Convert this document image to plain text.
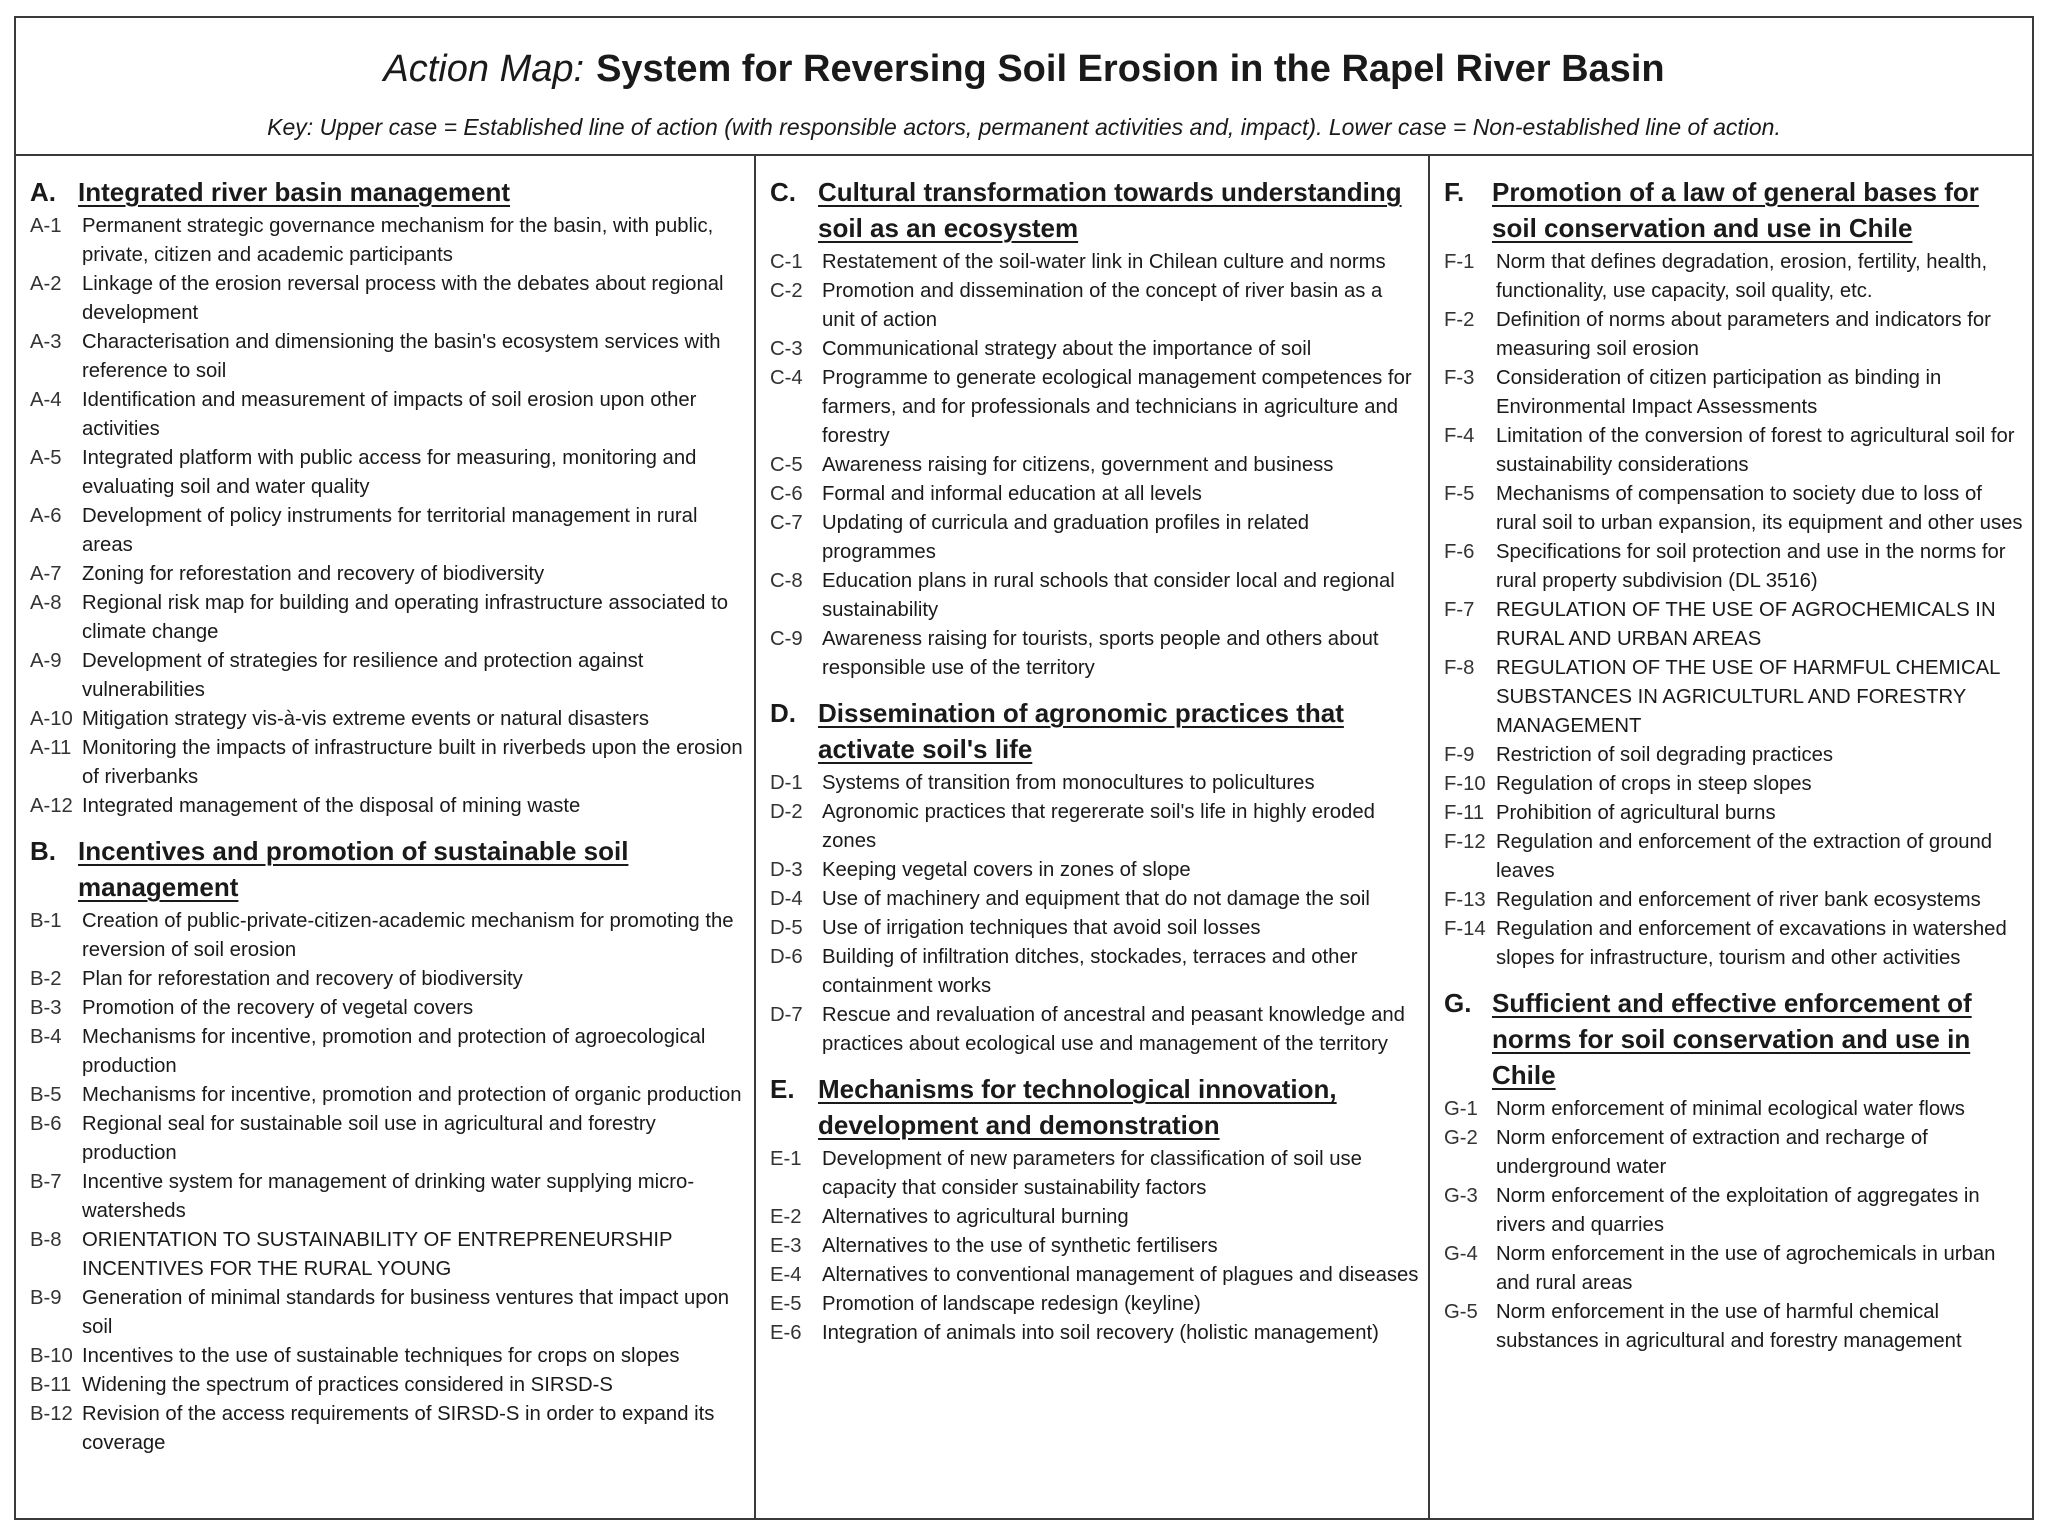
Action Map: System for Reversing Soil Erosion in the Rapel River Basin
Key: Upper case = Established line of action (with responsible actors, permanent activities and, impact). Lower case = Non-established line of action.
A. Integrated river basin management
A-1	Permanent strategic governance mechanism for the basin, with public, private, citizen and academic participants
A-2	Linkage of the erosion reversal process with the debates about regional development
A-3	Characterisation and dimensioning the basin's ecosystem services with reference to soil
A-4	Identification and measurement of impacts of soil erosion upon other activities
A-5	Integrated platform with public access for measuring, monitoring and evaluating soil and water quality
A-6	Development of policy instruments for territorial management in rural areas
A-7	Zoning for reforestation and recovery of biodiversity
A-8	Regional risk map for building and operating infrastructure associated to climate change
A-9	Development of strategies for resilience and protection against vulnerabilities
A-10 Mitigation strategy vis-à-vis extreme events or natural disasters
A-11 Monitoring the impacts of infrastructure built in riverbeds upon the erosion of riverbanks
A-12 Integrated management of the disposal of mining waste
B. Incentives and promotion of sustainable soil management
B-1	Creation of public-private-citizen-academic mechanism for promoting the reversion of soil erosion
B-2	Plan for reforestation and recovery of biodiversity
B-3	Promotion of the recovery of vegetal covers
B-4	Mechanisms for incentive, promotion and protection of agroecological production
B-5	Mechanisms for incentive, promotion and protection of organic production
B-6	Regional seal for sustainable soil use in agricultural and forestry production
B-7	Incentive system for management of drinking water supplying micro-watersheds
B-8	ORIENTATION TO SUSTAINABILITY OF ENTREPRENEURSHIP INCENTIVES FOR THE RURAL YOUNG
B-9	Generation of minimal standards for business ventures that impact upon soil
B-10 Incentives to the use of sustainable techniques for crops on slopes
B-11 Widening the spectrum of practices considered in SIRSD-S
B-12 Revision of the access requirements of SIRSD-S in order to expand its coverage
C. Cultural transformation towards understanding soil as an ecosystem
C-1 Restatement of the soil-water link in Chilean culture and norms
C-2 Promotion and dissemination of the concept of river basin as a unit of action
C-3 Communicational strategy about the importance of soil
C-4 Programme to generate ecological management competences for farmers, and for professionals and technicians in agriculture and forestry
C-5 Awareness raising for citizens, government and business
C-6 Formal and informal education at all levels
C-7 Updating of curricula and graduation profiles in related programmes
C-8 Education plans in rural schools that consider local and regional sustainability
C-9 Awareness raising for tourists, sports people and others about responsible use of the territory
D. Dissemination of agronomic practices that activate soil's life
D-1 Systems of transition from monocultures to policultures
D-2 Agronomic practices that regererate soil's life in highly eroded zones
D-3 Keeping vegetal covers in zones of slope
D-4 Use of machinery and equipment that do not damage the soil
D-5 Use of irrigation techniques that avoid soil losses
D-6 Building of infiltration ditches, stockades, terraces and other containment works
D-7 Rescue and revaluation of ancestral and peasant knowledge and practices about ecological use and management of the territory
E. Mechanisms for technological innovation, development and demonstration
E-1	Development of new parameters for classification of soil use capacity that consider sustainability factors
E-2	Alternatives to agricultural burning
E-3	Alternatives to the use of synthetic fertilisers
E-4	Alternatives to conventional management of plagues and diseases
E-5	Promotion of landscape redesign (keyline)
E-6	Integration of animals into soil recovery (holistic management)
F.	Promotion of a law of general bases for soil conservation and use in Chile
F-1	Norm that defines degradation, erosion, fertility, health, functionality, use capacity, soil quality, etc.
F-2	Definition of norms about parameters and indicators for measuring soil erosion
F-3	Consideration of citizen participation as binding in Environmental Impact Assessments
F-4	Limitation of the conversion of forest to agricultural soil for sustainability considerations
F-5	Mechanisms of compensation to society due to loss of rural soil to urban expansion, its equipment and other uses
F-6	Specifications for soil protection and use in the norms for rural property subdivision (DL 3516)
F-7	REGULATION OF THE USE OF AGROCHEMICALS IN RURAL AND URBAN AREAS
F-8	REGULATION OF THE USE OF HARMFUL CHEMICAL SUBSTANCES IN AGRICULTURL AND FORESTRY MANAGEMENT
F-9	Restriction of soil degrading practices
F-10 Regulation of crops in steep slopes
F-11 Prohibition of agricultural burns
F-12 Regulation and enforcement of the extraction of ground leaves
F-13 Regulation and enforcement of river bank ecosystems
F-14 Regulation and enforcement of excavations in watershed slopes for infrastructure, tourism and other activities
G. Sufficient and effective enforcement of norms for soil conservation and use in Chile
G-1 Norm enforcement of minimal ecological water flows
G-2 Norm enforcement of extraction and recharge of underground water
G-3 Norm enforcement of the exploitation of aggregates in rivers and quarries
G-4 Norm enforcement in the use of agrochemicals in urban and rural areas
G-5 Norm enforcement in the use of harmful chemical substances in agricultural and forestry management
